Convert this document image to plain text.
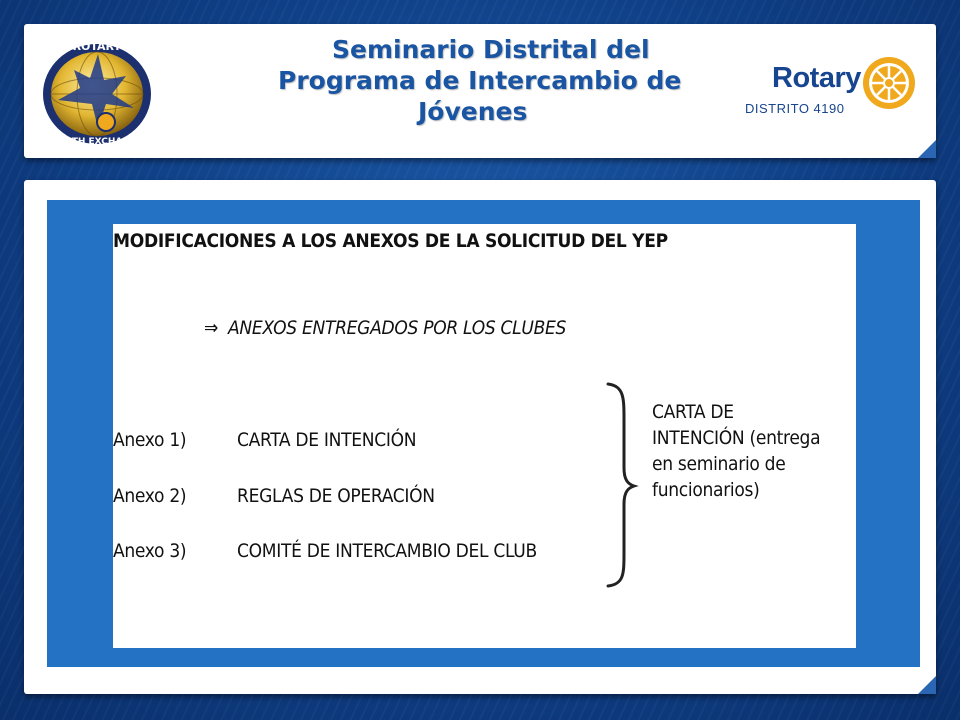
ROTARY
YOUTH EXCHANGE
Seminario Distrital del
Programa de Intercambio de
Jóvenes
Rotary
DISTRITO 4190
MODIFICACIONES A LOS ANEXOS DE LA SOLICITUD DEL YEP
⇒ ANEXOS ENTREGADOS POR LOS CLUBES
Anexo 1)	CARTA DE INTENCIÓN
Anexo 2)	REGLAS DE OPERACIÓN
Anexo 3)	COMITÉ DE INTERCAMBIO DEL CLUB
CARTA DE
INTENCIÓN (entrega
en seminario de
funcionarios)
